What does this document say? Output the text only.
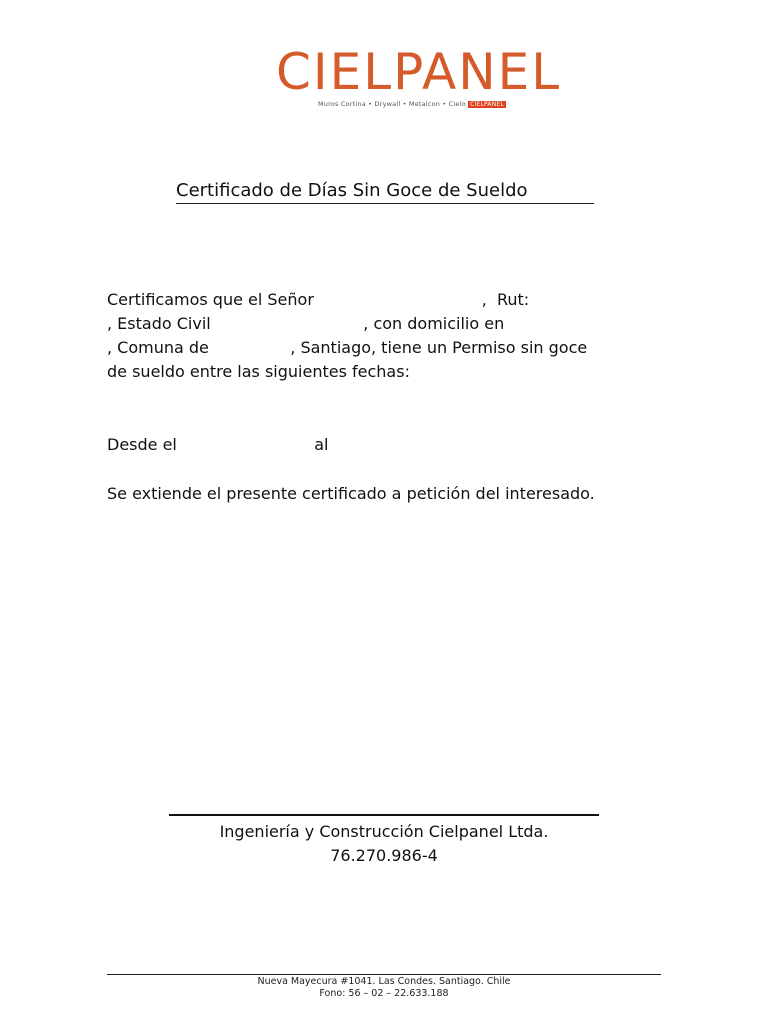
CIELPANEL
Muros Cortina • Drywall • Metalcon • Cielo CIELPANEL
Certificado de Días Sin Goce de Sueldo
Certificamos que el Señor                                 ,  Rut:
, Estado Civil                              , con domicilio en
, Comuna de                , Santiago, tiene un Permiso sin goce
de sueldo entre las siguientes fechas:
Desde el                           al
Se extiende el presente certificado a petición del interesado.
Ingeniería y Construcción Cielpanel Ltda.
76.270.986-4
Nueva Mayecura #1041. Las Condes. Santiago. Chile
Fono: 56 – 02 – 22.633.188
